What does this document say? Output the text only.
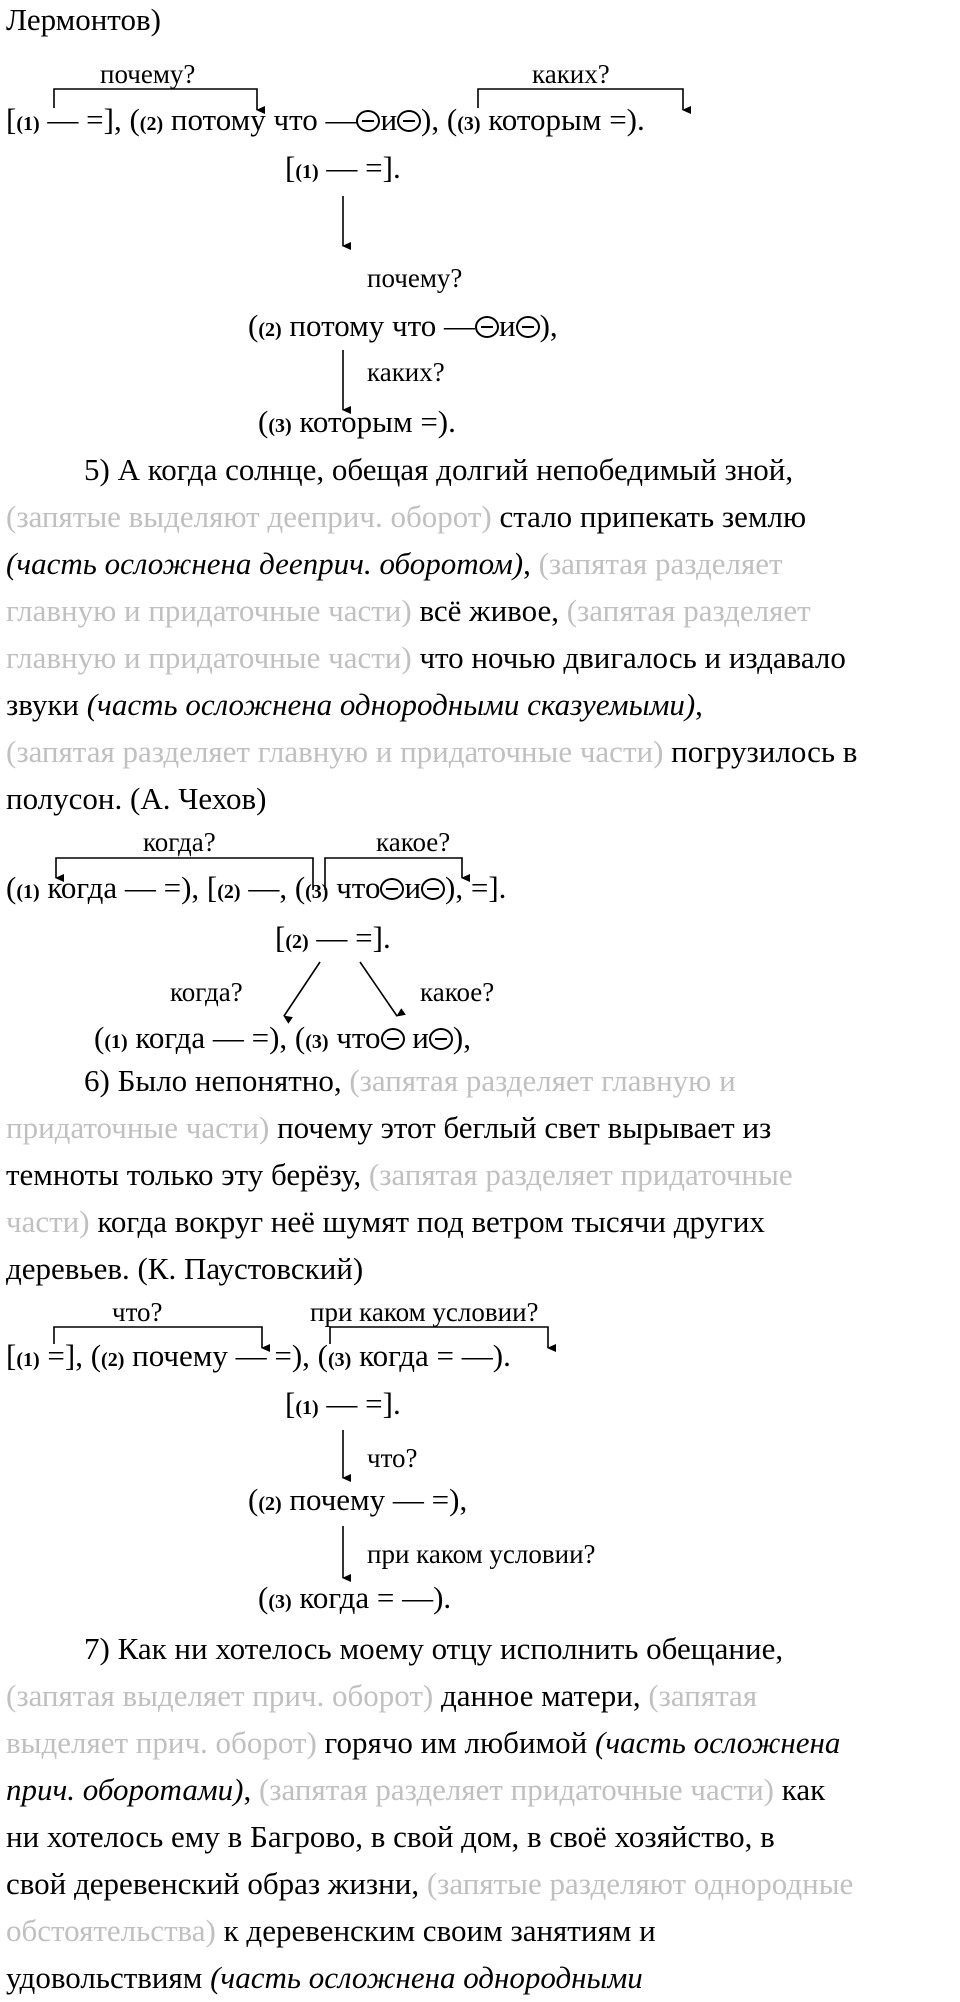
Лермонтов)
почему?	каких?
[(1) — =], ((2) потому что — и ), ((3) которым =).
[(1) — =].
почему?
((2) потому что — и ),
каких?
((3) которым =).
5) А когда солнце, обещая долгий непобедимый зной,
(запятые выделяют дееприч. оборот) стало припекать землю
(часть осложнена дееприч. оборотом), (запятая разделяет
главную и придаточные части) всё живое, (запятая разделяет
главную и придаточные части) что ночью двигалось и издавало
звуки (часть осложнена однородными сказуемыми),
(запятая разделяет главную и придаточные части) погрузилось в
полусон. (А. Чехов)
когда?	какое?
((1) когда — =), [(2) —, ((3) что и ), =].
[(2) — =].
когда?	какое?
((1) когда — =), ((3) что и ),
6) Было непонятно, (запятая разделяет главную и
придаточные части) почему этот беглый свет вырывает из
темноты только эту берёзу, (запятая разделяет придаточные
части) когда вокруг неё шумят под ветром тысячи других
деревьев. (К. Паустовский)
что?	при каком условии?
[(1) =], ((2) почему — =), ((3) когда = —).
[(1) — =].
что?
((2) почему — =),
при каком условии?
((3) когда = —).
7) Как ни хотелось моему отцу исполнить обещание,
(запятая выделяет прич. оборот) данное матери, (запятая
выделяет прич. оборот) горячо им любимой (часть осложнена
прич. оборотами), (запятая разделяет придаточные части) как
ни хотелось ему в Багрово, в свой дом, в своё хозяйство, в
свой деревенский образ жизни, (запятые разделяют однородные
обстоятельства) к деревенским своим занятиям и
удовольствиям (часть осложнена однородными
